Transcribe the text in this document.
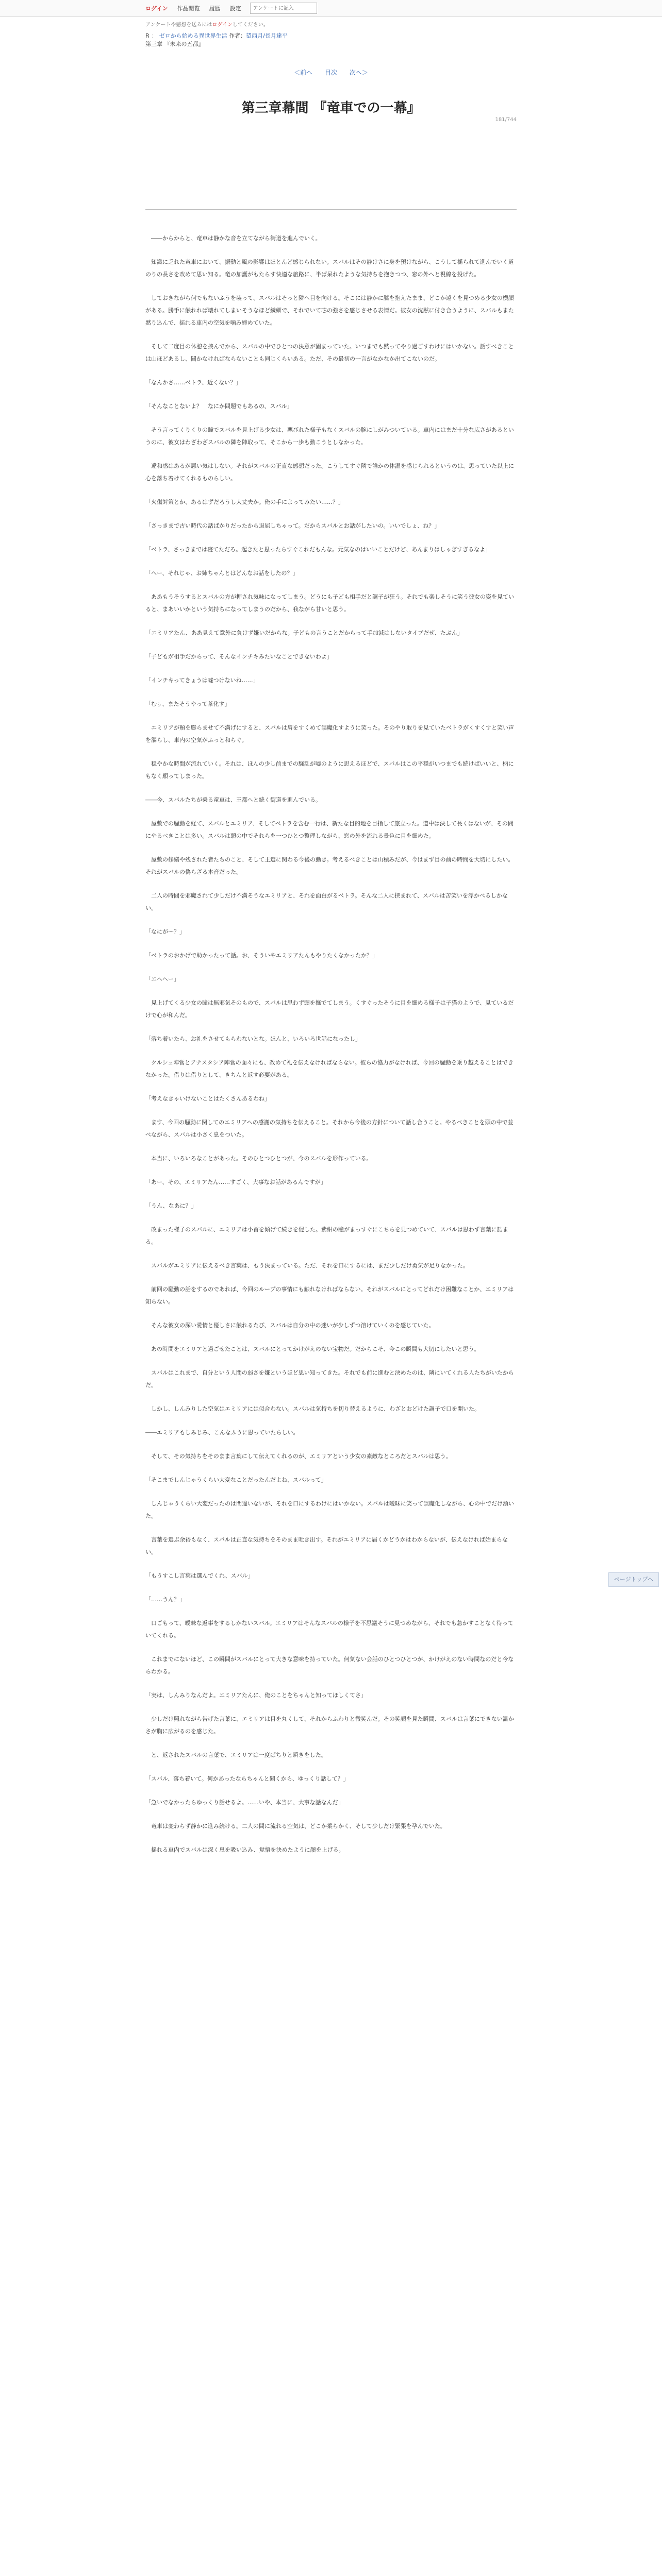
ログイン 作品閲覧 履歴 設定
アンケートに記入
アンケートや感想を送るにはログインしてください。
R ： ゼロから始める異世界生活 作者：望西月/長月達平
第三章 『未来の五都』
＜前へ 目次 次へ＞
181/744
第三章幕間 『竜車での一幕』

　――からからと、竜車は静かな音を立てながら街道を進んでいく。

　知識に乏れた竜車において、振動と風の影響はほとんど感じられない。スバルはその静けさに身を預けながら、こうして揺られて進んでいく道のりの長さを改めて思い知る。竜の加護がもたらす快適な旅路に、半ば呆れたような気持ちを抱きつつ、窓の外へと視線を投げた。

　しておきながら何でもないふうを装って、スバルはそっと隣へ目を向ける。そこには静かに膝を抱えたまま、どこか遠くを見つめる少女の横顔がある。勝手に触れれば壊れてしまいそうなほど繊細で、それでいて芯の強さを感じさせる表情だ。彼女の沈黙に付き合うように、スバルもまた黙り込んで、揺れる車内の空気を噛み締めていた。

　そして二度目の休憩を挟んでから、スバルの中でひとつの決意が固まっていた。いつまでも黙ってやり過ごすわけにはいかない。話すべきことは山ほどあるし、聞かなければならないことも同じくらいある。ただ、その最初の一言がなかなか出てこないのだ。

「なんかさ……ベトラ、近くない？」

「そんなことないよ？　なにか問題でもあるの、スバル」

　そう言ってくりくりの瞳でスバルを見上げる少女は、悪びれた様子もなくスバルの腕にしがみついている。車内にはまだ十分な広さがあるというのに、彼女はわざわざスバルの隣を陣取って、そこから一歩も動こうとしなかった。

　違和感はあるが悪い気はしない。それがスバルの正直な感想だった。こうしてすぐ隣で誰かの体温を感じられるというのは、思っていた以上に心を落ち着けてくれるものらしい。

「火傷対策とか、あるはずだろうし大丈夫か。俺の手によってみたい……？」

「さっきまで古い時代の話ばかりだったから退屈しちゃって。だからスバルとお話がしたいの。いいでしょ、ね？」

「ベトラ、さっきまでは寝てただろ。起きたと思ったらすぐこれだもんな。元気なのはいいことだけど、あんまりはしゃぎすぎるなよ」

「へー、それじゃ、お姉ちゃんとはどんなお話をしたの？」

　ああもうそうするとスバルの方が押され気味になってしまう。どうにも子ども相手だと調子が狂う。それでも楽しそうに笑う彼女の姿を見ていると、まあいいかという気持ちになってしまうのだから、我ながら甘いと思う。

「エミリアたん、ああ見えて意外に負けず嫌いだからな。子どもの言うことだからって手加減はしないタイプだぜ、たぶん」

「子どもが相手だからって、そんなインチキみたいなことできないわよ」

「インチキってきょうは嘘つけないね……」

「むぅ、またそうやって茶化す」

　エミリアが頬を膨らませて不満げにすると、スバルは肩をすくめて誤魔化すように笑った。そのやり取りを見ていたベトラがくすくすと笑い声を漏らし、車内の空気がふっと和らぐ。

　穏やかな時間が流れていく。それは、ほんの少し前までの騒乱が嘘のように思えるほどで、スバルはこの平穏がいつまでも続けばいいと、柄にもなく願ってしまった。

――今、スバルたちが乗る竜車は、王都へと続く街道を進んでいる。

　屋敷での騒動を経て、スバルとエミリア、そしてベトラを含む一行は、新たな目的地を目指して旅立った。道中は決して長くはないが、その間にやるべきことは多い。スバルは頭の中でそれらを一つひとつ整理しながら、窓の外を流れる景色に目を細めた。

　屋敷の修繕や残された者たちのこと、そして王選に関わる今後の動き。考えるべきことは山積みだが、今はまず目の前の時間を大切にしたい。それがスバルの偽らざる本音だった。

　二人の時間を邪魔されて少しだけ不満そうなエミリアと、それを面白がるベトラ。そんな二人に挟まれて、スバルは苦笑いを浮かべるしかない。

「なにが～？」

「ベトラのおかげで助かったって話。お、そういやエミリアたんもやりたくなかったか？」

「エヘへー」

　見上げてくる少女の瞳は無邪気そのもので、スバルは思わず頭を撫でてしまう。くすぐったそうに目を細める様子は子猫のようで、見ているだけで心が和んだ。

「落ち着いたら、お礼をさせてもらわないとな。ほんと、いろいろ世話になったし」

　クルシュ陣営とアナスタシア陣営の面々にも、改めて礼を伝えなければならない。彼らの協力がなければ、今回の騒動を乗り越えることはできなかった。借りは借りとして、きちんと返す必要がある。

「考えなきゃいけないことはたくさんあるわね」

　ます、今回の騒動に関してのエミリアへの感謝の気持ちを伝えること。それから今後の方針について話し合うこと。やるべきことを頭の中で並べながら、スバルは小さく息をついた。

　本当に、いろいろなことがあった。そのひとつひとつが、今のスバルを形作っている。

「あー、その、エミリアたん……すごく、大事なお話があるんですが」

「うん、なあに？」

　改まった様子のスバルに、エミリアは小首を傾げて続きを促した。紫紺の瞳がまっすぐにこちらを見つめていて、スバルは思わず言葉に詰まる。

　スバルがエミリアに伝えるべき言葉は、もう決まっている。ただ、それを口にするには、まだ少しだけ勇気が足りなかった。

　前回の騒動の話をするのであれば、今回のループの事情にも触れなければならない。それがスバルにとってどれだけ困難なことか、エミリアは知らない。

　そんな彼女の深い愛情と優しさに触れるたび、スバルは自分の中の迷いが少しずつ溶けていくのを感じていた。

　あの時間をエミリアと過ごせたことは、スバルにとってかけがえのない宝物だ。だからこそ、今この瞬間も大切にしたいと思う。

　スバルはこれまで、自分という人間の弱さを嫌というほど思い知ってきた。それでも前に進むと決めたのは、隣にいてくれる人たちがいたからだ。

　しかし、しんみりした空気はエミリアには似合わない。スバルは気持ちを切り替えるように、わざとおどけた調子で口を開いた。

――エミリアもしみじみ、こんなふうに思っていたらしい。

　そして、その気持ちをそのまま言葉にして伝えてくれるのが、エミリアという少女の素敵なところだとスバルは思う。

「そこまでしんじゃうくらい大変なことだったんだよね、スバルって」

　しんじゃうくらい大変だったのは間違いないが、それを口にするわけにはいかない。スバルは曖昧に笑って誤魔化しながら、心の中でだけ頷いた。

　言葉を選ぶ余裕もなく、スバルは正直な気持ちをそのまま吐き出す。それがエミリアに届くかどうかはわからないが、伝えなければ始まらない。

「もうすこし言葉は選んでくれ、スバル」

「……うん？」

　口ごもって、曖昧な返事をするしかないスバル。エミリアはそんなスバルの様子を不思議そうに見つめながら、それでも急かすことなく待っていてくれる。

　これまでにないほど、この瞬間がスバルにとって大きな意味を持っていた。何気ない会話のひとつひとつが、かけがえのない時間なのだと今ならわかる。

「実は、しんみりなんだよ。エミリアたんに、俺のことをちゃんと知ってほしくてさ」

　少しだけ照れながら告げた言葉に、エミリアは目を丸くして、それからふわりと微笑んだ。その笑顔を見た瞬間、スバルは言葉にできない温かさが胸に広がるのを感じた。

　と、返されたスバルの言葉で、エミリアは一度ぱちりと瞬きをした。

「スバル、落ち着いて。何かあったならちゃんと聞くから、ゆっくり話して？」

「急いでなかったらゆっくり話せるよ。……いや、本当に、大事な話なんだ」

　竜車は変わらず静かに進み続ける。二人の間に流れる空気は、どこか柔らかく、そして少しだけ緊張を孕んでいた。

　揺れる車内でスバルは深く息を吸い込み、覚悟を決めたように顔を上げる。

ページトップへ
